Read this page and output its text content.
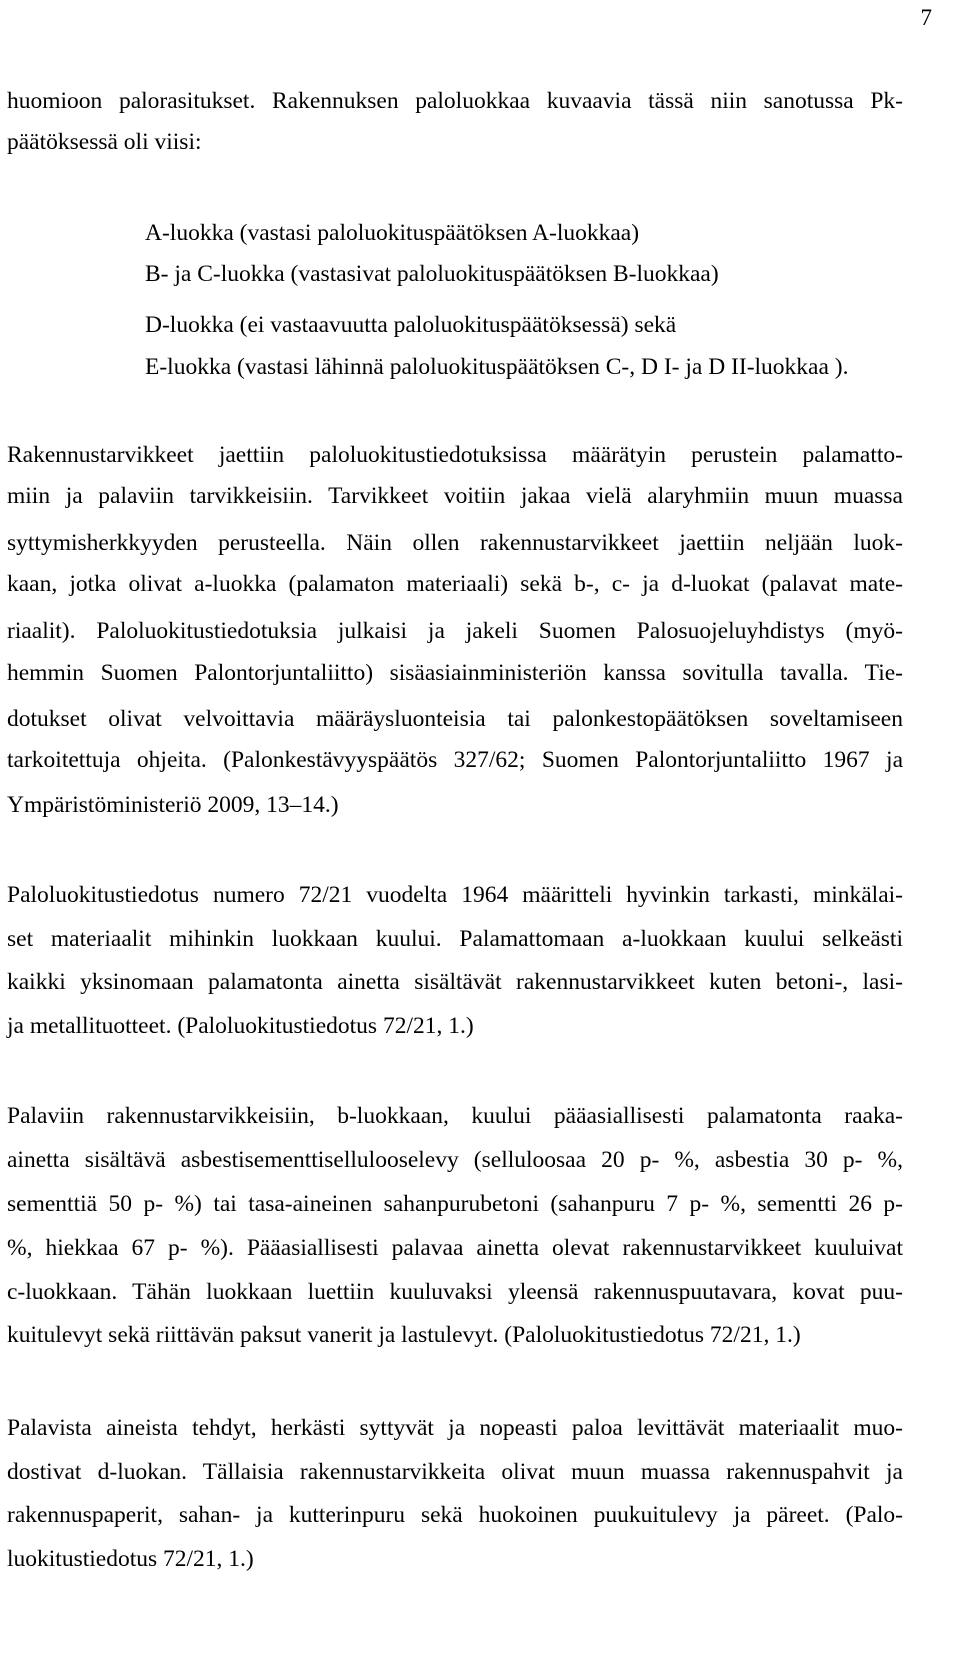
7
huomioon palorasitukset. Rakennuksen paloluokkaa kuvaavia tässä niin sanotussa Pk-
päätöksessä oli viisi:
A-luokka (vastasi paloluokituspäätöksen A-luokkaa)
B- ja C-luokka (vastasivat paloluokituspäätöksen B-luokkaa)
D-luokka (ei vastaavuutta paloluokituspäätöksessä) sekä
E-luokka (vastasi lähinnä paloluokituspäätöksen C-, D I- ja D II-luokkaa ).
Rakennustarvikkeet jaettiin paloluokitustiedotuksissa määrätyin perustein palamatto-
miin ja palaviin tarvikkeisiin. Tarvikkeet voitiin jakaa vielä alaryhmiin muun muassa
syttymisherkkyyden perusteella. Näin ollen rakennustarvikkeet jaettiin neljään luok-
kaan, jotka olivat a-luokka (palamaton materiaali) sekä b-, c- ja d-luokat (palavat mate-
riaalit). Paloluokitustiedotuksia julkaisi ja jakeli Suomen Palosuojeluyhdistys (myö-
hemmin Suomen Palontorjuntaliitto) sisäasiainministeriön kanssa sovitulla tavalla. Tie-
dotukset olivat velvoittavia määräysluonteisia tai palonkestopäätöksen soveltamiseen
tarkoitettuja ohjeita. (Palonkestävyyspäätös 327/62; Suomen Palontorjuntaliitto 1967 ja
Ympäristöministeriö 2009, 13–14.)
Paloluokitustiedotus numero 72/21 vuodelta 1964 määritteli hyvinkin tarkasti, minkälai-
set materiaalit mihinkin luokkaan kuului. Palamattomaan a-luokkaan kuului selkeästi
kaikki yksinomaan palamatonta ainetta sisältävät rakennustarvikkeet kuten betoni-, lasi-
ja metallituotteet. (Paloluokitustiedotus 72/21, 1.)
Palaviin rakennustarvikkeisiin, b-luokkaan, kuului pääasiallisesti palamatonta raaka-
ainetta sisältävä asbestisementtisellulooselevy (selluloosaa 20 p- %, asbestia 30 p- %,
sementtiä 50 p- %) tai tasa-aineinen sahanpurubetoni (sahanpuru 7 p- %, sementti 26 p-
%, hiekkaa 67 p- %). Pääasiallisesti palavaa ainetta olevat rakennustarvikkeet kuuluivat
c-luokkaan. Tähän luokkaan luettiin kuuluvaksi yleensä rakennuspuutavara, kovat puu-
kuitulevyt sekä riittävän paksut vanerit ja lastulevyt. (Paloluokitustiedotus 72/21, 1.)
Palavista aineista tehdyt, herkästi syttyvät ja nopeasti paloa levittävät materiaalit muo-
dostivat d-luokan. Tällaisia rakennustarvikkeita olivat muun muassa rakennuspahvit ja
rakennuspaperit, sahan- ja kutterinpuru sekä huokoinen puukuitulevy ja päreet. (Palo-
luokitustiedotus 72/21, 1.)
